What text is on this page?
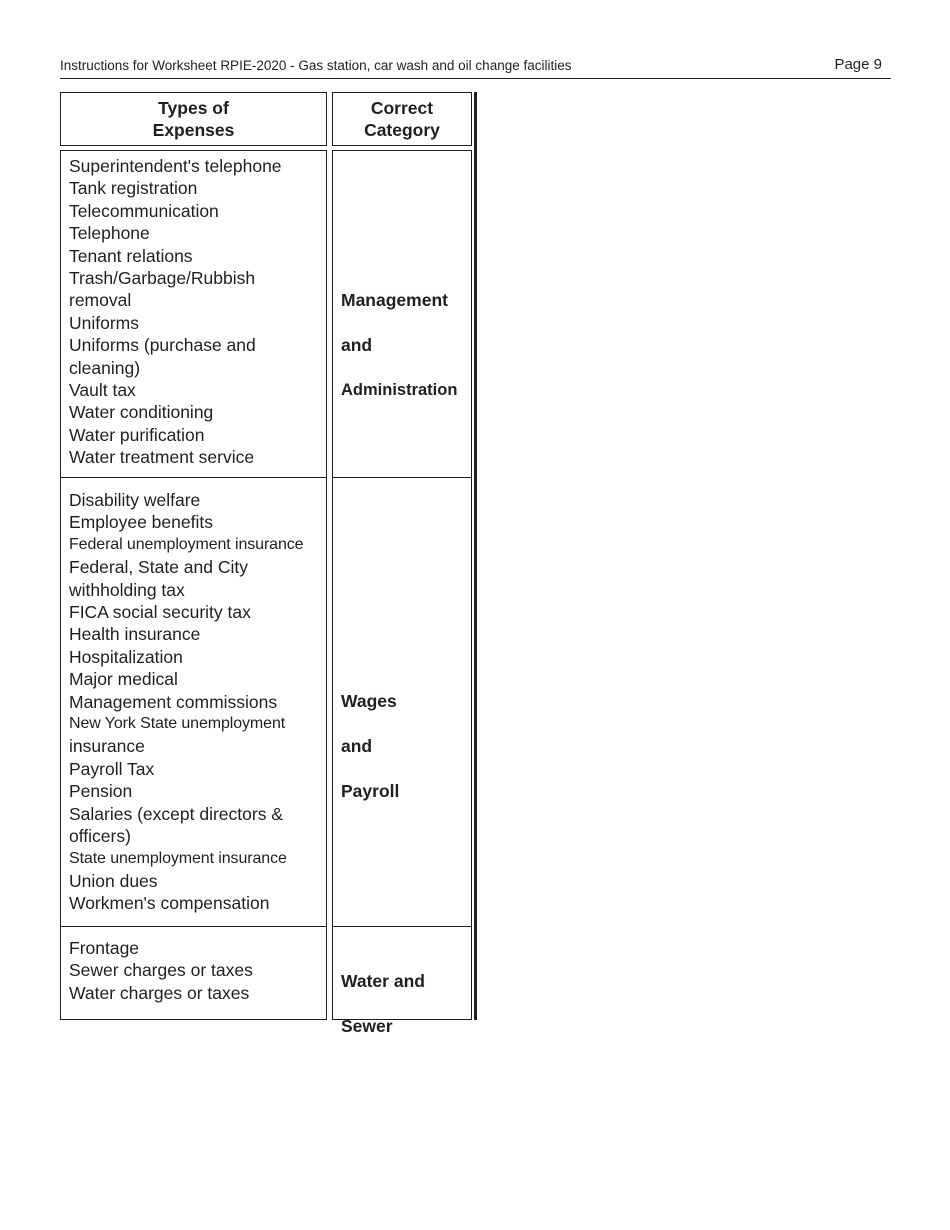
Instructions for Worksheet RPIE-2020 - Gas station, car wash and oil change facilities	Page 9
Types of
Expenses
Correct
Category
Superintendent's telephone
Tank registration
Telecommunication
Telephone
Tenant relations
Trash/Garbage/Rubbish
removal
Uniforms
Uniforms (purchase and
cleaning)
Vault tax
Water conditioning
Water purification
Water treatment service

Management

and

Administration

Disability welfare
Employee benefits
Federal unemployment insurance
Federal, State and City
withholding tax
FICA social security tax
Health insurance
Hospitalization
Major medical
Management commissions
New York State unemployment
insurance
Payroll Tax
Pension
Salaries (except directors &
officers)
State unemployment insurance
Union dues
Workmen's compensation

Wages

and

Payroll

Frontage
Sewer charges or taxes
Water charges or taxes

Water and

Sewer
